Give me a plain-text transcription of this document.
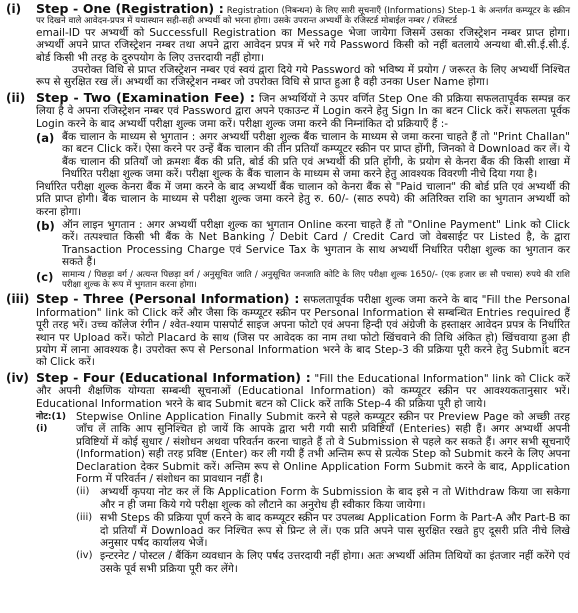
(i)	Step - One (Registration) : Registration (निबन्धन) के लिए सारी सूचनाएँ (Informations) Step-1 के अन्तर्गत कम्प्यूटर के स्क्रीन पर दिखने वाले आवेदन-प्रपत्र में यथास्थान सही-सही अभ्यर्थी को भरना होगा। उसके उपरान्त अभ्यर्थी के रजिस्टर्ड मोबाईल नम्बर / रजिस्टर्ड

email-ID पर अभ्यर्थी को Successfull Registration का Message भेजा जायेगा जिसमें उसका रजिस्ट्रेशन नम्बर प्राप्त होगा। अभ्यर्थी अपने प्राप्त रजिस्ट्रेशन नम्बर तथा अपने द्वारा आवेदन प्रपत्र में भरे गये Password किसी को नहीं बतलाये अन्यथा बी.सी.ई.सी.ई. बोर्ड किसी भी तरह के दुरुपयोग के लिए उत्तरदायी नहीं होगा।

उपरोक्त विधि से प्राप्त रजिस्ट्रेशन नम्बर एवं स्वयं द्वारा दिये गये Password को भविष्य में प्रयोग / जरूरत के लिए अभ्यर्थी निश्चित रूप से सुरक्षित रख लें। अभ्यर्थी का रजिस्ट्रेशन नम्बर जो उपरोक्त विधि से प्राप्त हुआ है वही उनका User Name होगा।

(ii) Step - Two (Examination Fee) : जिन अभ्यर्थियों ने ऊपर वर्णित Step One की प्रक्रिया सफलतापूर्वक सम्पन्न कर लिया है वे अपना रजिस्ट्रेशन नम्बर एवं Password द्वारा अपने एकाउन्ट में Login करने हेतु Sign In का बटन Click करें। सफलता पूर्वक Login करने के बाद अभ्यर्थी परीक्षा शुल्क जमा करें। परीक्षा शुल्क जमा करने की निम्नांकित दो प्रक्रियाएँ हैं :-

(a) बैंक चालान के माध्यम से भुगतान : अगर अभ्यर्थी परीक्षा शुल्क बैंक चालान के माध्यम से जमा करना चाहते हैं तो "Print Challan" का बटन Click करें। ऐसा करने पर उन्हें बैंक चालान की तीन प्रतियाँ कम्प्यूटर स्क्रीन पर प्राप्त होंगी, जिनको वे Download कर लें। ये बैंक चालान की प्रतियाँ जो क्रमशः बैंक की प्रति, बोर्ड की प्रति एवं अभ्यर्थी की प्रति होंगी, के प्रयोग से केनरा बैंक की किसी शाखा में निर्धारित परीक्षा शुल्क जमा करें। परीक्षा शुल्क के बैंक चालान के माध्यम से जमा करने हेतु आवश्यक विवरणी नीचे दिया गया है।

निर्धारित परीक्षा शुल्क केनरा बैंक में जमा करने के बाद अभ्यर्थी बैंक चालान को केनरा बैंक से "Paid चालान" की बोर्ड प्रति एवं अभ्यर्थी की प्रति प्राप्त होगी। बैंक चालान के माध्यम से परीक्षा शुल्क जमा करने हेतु रु. 60/- (साठ रुपये) की अतिरिक्त राशि का भुगतान अभ्यर्थी को करना होगा।

(b) ऑन लाइन भुगतान : अगर अभ्यर्थी परीक्षा शुल्क का भुगतान Online करना चाहते हैं तो "Online Payment" Link को Click करें। तत्पश्चात किसी भी बैंक के Net Banking / Debit Card / Credit Card जो वेबसाईट पर Listed है, के द्वारा Transaction Processing Charge एवं Service Tax के भुगतान के साथ अभ्यर्थी निर्धारित परीक्षा शुल्क का भुगतान कर सकते हैं।

(c)	सामान्य / पिछड़ा वर्ग / अत्यन्त पिछड़ा वर्ग / अनुसूचित जाति / अनुसूचित जनजाति कोटि के लिए परीक्षा शुल्क 1650/- (एक हजार छः सौ पचास) रुपये की राशि परीक्षा शुल्क के रूप में भुगतान करना होगा।

(iii) Step - Three (Personal Information) : सफलतापूर्वक परीक्षा शुल्क जमा करने के बाद "Fill the Personal Information" link को Click करें और जैसा कि कम्प्यूटर स्क्रीन पर Personal Information से सम्बन्धित Entries required हैं पूरी तरह भरें। उच्च कॉलेज रंगीन / श्वेत-श्याम पासपोर्ट साइज अपना फोटो एवं अपना हिन्दी एवं अंग्रेजी के हस्ताक्षर आवेदन प्रपत्र के निर्धारित स्थान पर Upload करें। फोटो Placard के साथ (जिस पर आवेदक का नाम तथा फोटो खिंचवाने की तिथि अंकित हो) खिंचवाया हुआ ही प्रयोग में लाना आवश्यक है। उपरोक्त रूप से Personal Information भरने के बाद Step-3 की प्रक्रिया पूरी करने हेतु Submit बटन को Click करें।

(iv) Step - Four (Educational Information) : "Fill the Educational Information" link को Click करें और अपनी शैक्षणिक योग्यता सम्बन्धी सूचनाओं (Educational Information) को कम्प्यूटर स्क्रीन पर आवश्यकतानुसार भरें। Educational Information भरने के बाद Submit बटन को Click करें ताकि Step-4 की प्रक्रिया पूरी हो जाये।

नोट:(1)(i)

Stepwise Online Application Finally Submit करने से पहले कम्प्यूटर स्क्रीन पर Preview Page को अच्छी तरह जाँच लें ताकि आप सुनिश्चित हो जायें कि आपके द्वारा भरी गयी सारी प्रविष्टियाँ (Enteries) सही हैं। अगर अभ्यर्थी अपनी प्रविष्टियों में कोई सुधार / संशोधन अथवा परिवर्तन करना चाहते हैं तो वे Submission से पहले कर सकते हैं। अगर सभी सूचनाएँ (Information) सही तरह प्रविष्ट (Enter) कर ली गयी हैं तभी अन्तिम रूप से प्रत्येक Step को Submit करने के लिए अपना Declaration देकर Submit करें। अन्तिम रूप से Online Application Form Submit करने के बाद, Application Form में परिवर्तन / संशोधन का प्रावधान नहीं है।

(ii)	अभ्यर्थी कृपया नोट कर लें कि Application Form के Submission के बाद इसे न तो Withdraw किया जा सकेगा और न ही जमा किये गये परीक्षा शुल्क को लौटाने का अनुरोध ही स्वीकार किया जायेगा।

(iii) सभी Steps की प्रक्रिया पूर्ण करने के बाद कम्प्यूटर स्क्रीन पर उपलब्ध Application Form के Part-A और Part-B का दो प्रतियाँ में Download कर निश्चित रूप से प्रिन्ट ले लें। एक प्रति अपने पास सुरक्षित रखते हुए दूसरी प्रति नीचे लिखे अनुसार पर्षद कार्यालय भेजें।

(iv) इन्टरनेट / पोस्टल / बैंकिंग व्यवधान के लिए पर्षद उत्तरदायी नहीं होगा। अतः अभ्यर्थी अंतिम तिथियों का इंतजार नहीं करेंगे एवं उसके पूर्व सभी प्रक्रिया पूरी कर लेंगे।
